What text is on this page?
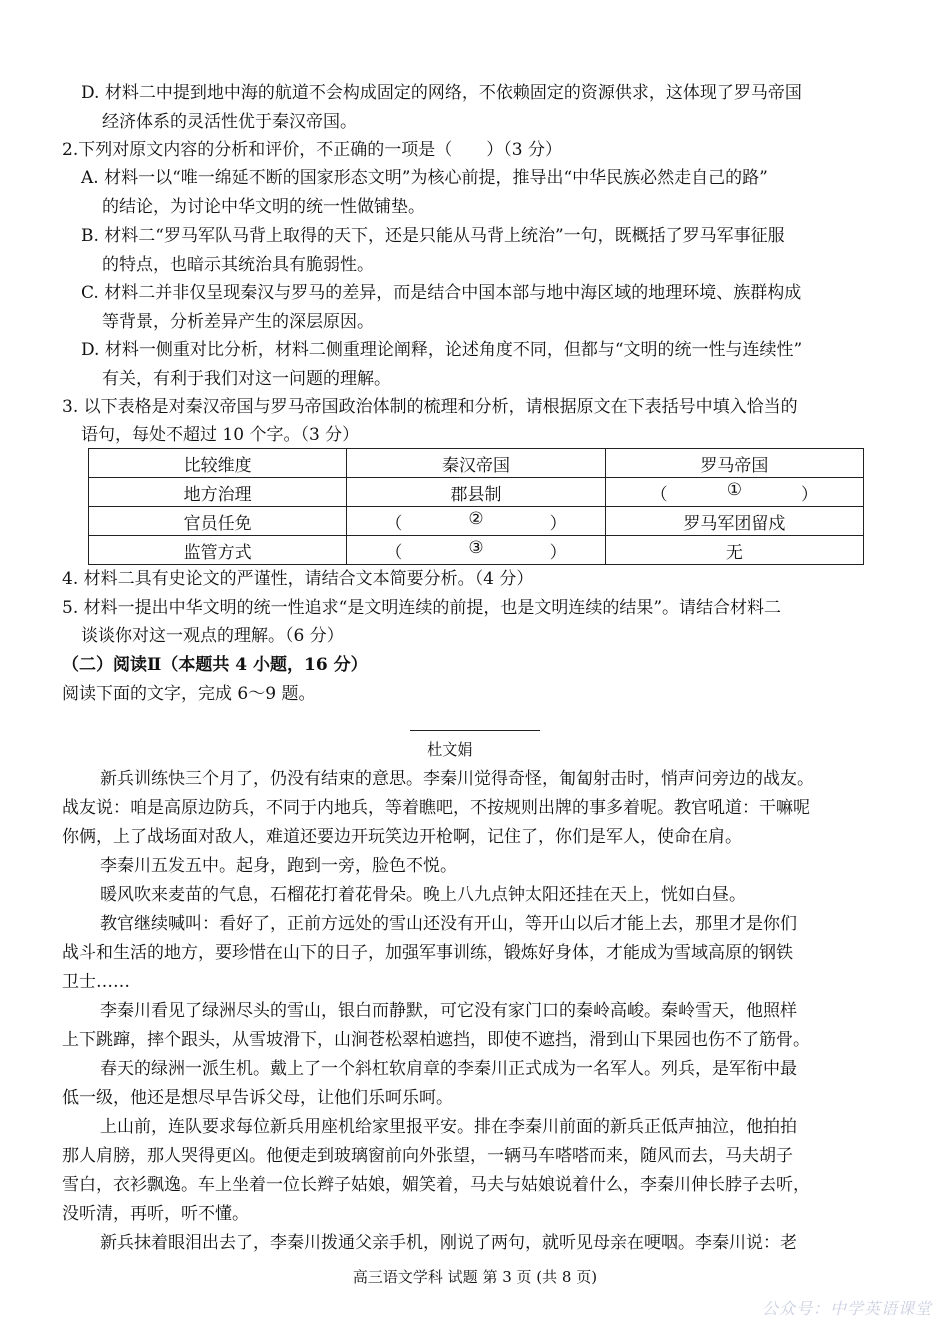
D. 材料二中提到地中海的航道不会构成固定的网络，不依赖固定的资源供求，这体现了罗马帝国
经济体系的灵活性优于秦汉帝国。
2.下列对原文内容的分析和评价，不正确的一项是（　　）（3 分）
A. 材料一以“唯一绵延不断的国家形态文明”为核心前提，推导出“中华民族必然走自己的路”
的结论，为讨论中华文明的统一性做铺垫。
B. 材料二“罗马军队马背上取得的天下，还是只能从马背上统治”一句，既概括了罗马军事征服
的特点，也暗示其统治具有脆弱性。
C. 材料二并非仅呈现秦汉与罗马的差异，而是结合中国本部与地中海区域的地理环境、族群构成
等背景，分析差异产生的深层原因。
D. 材料一侧重对比分析，材料二侧重理论阐释，论述角度不同，但都与“文明的统一性与连续性”
有关，有利于我们对这一问题的理解。
3. 以下表格是对秦汉帝国与罗马帝国政治体制的梳理和分析，请根据原文在下表括号中填入恰当的
语句，每处不超过 10 个字。（3 分）
比较维度	秦汉帝国	罗马帝国
地方治理	郡县制	（ ① ）

官员任免	（ ② ）	罗马军团留戍
监管方式	（ ③ ）	无
4. 材料二具有史论文的严谨性，请结合文本简要分析。（4 分）
5. 材料一提出中华文明的统一性追求“是文明连续的前提，也是文明连续的结果”。请结合材料二
谈谈你对这一观点的理解。（6 分）
（二）阅读Ⅱ（本题共 4 小题，16 分）
阅读下面的文字，完成 6～9 题。
杜文娟
新兵训练快三个月了，仍没有结束的意思。李秦川觉得奇怪，匍匐射击时，悄声问旁边的战友。
战友说：咱是高原边防兵，不同于内地兵，等着瞧吧，不按规则出牌的事多着呢。教官吼道：干嘛呢
你俩，上了战场面对敌人，难道还要边开玩笑边开枪啊，记住了，你们是军人，使命在肩。
李秦川五发五中。起身，跑到一旁，脸色不悦。
暖风吹来麦苗的气息，石榴花打着花骨朵。晚上八九点钟太阳还挂在天上，恍如白昼。
教官继续喊叫：看好了，正前方远处的雪山还没有开山，等开山以后才能上去，那里才是你们
战斗和生活的地方，要珍惜在山下的日子，加强军事训练，锻炼好身体，才能成为雪域高原的钢铁
卫士……
李秦川看见了绿洲尽头的雪山，银白而静默，可它没有家门口的秦岭高峻。秦岭雪天，他照样
上下跳蹿，摔个跟头，从雪坡滑下，山涧苍松翠柏遮挡，即使不遮挡，滑到山下果园也伤不了筋骨。
春天的绿洲一派生机。戴上了一个斜杠软肩章的李秦川正式成为一名军人。列兵，是军衔中最
低一级，他还是想尽早告诉父母，让他们乐呵乐呵。
上山前，连队要求每位新兵用座机给家里报平安。排在李秦川前面的新兵正低声抽泣，他拍拍
那人肩膀，那人哭得更凶。他便走到玻璃窗前向外张望，一辆马车嗒嗒而来，随风而去，马夫胡子
雪白，衣衫飘逸。车上坐着一位长辫子姑娘，媚笑着，马夫与姑娘说着什么，李秦川伸长脖子去听，
没听清，再听，听不懂。
新兵抹着眼泪出去了，李秦川拨通父亲手机，刚说了两句，就听见母亲在哽咽。李秦川说：老
高三语文学科 试题 第 3 页 (共 8 页)
公众号：中学英语课堂
